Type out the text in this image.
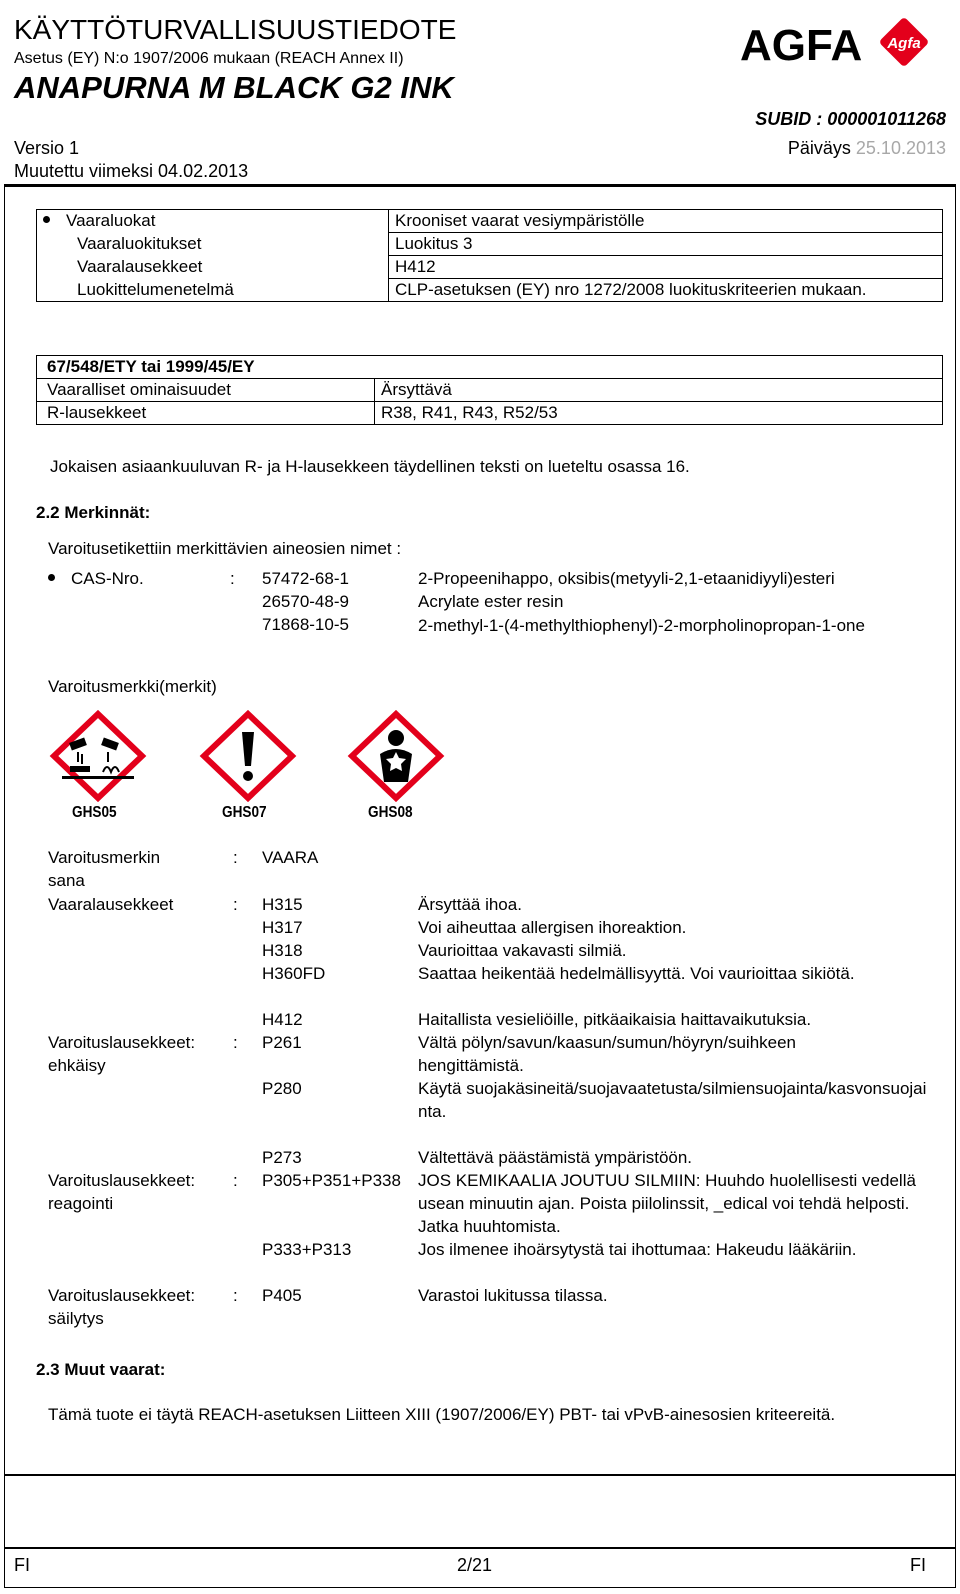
KÄYTTÖTURVALLISUUSTIEDOTE
Asetus (EY) N:o 1907/2006 mukaan (REACH Annex II)
ANAPURNA M BLACK G2 INK
AGFA Agfa
SUBID : 000001011268
Versio 1
Muutettu viimeksi 04.02.2013
Päiväys 25.10.2013
Vaaraluokat	Krooniset vaarat vesiympäristölle
Vaaraluokitukset	Luokitus 3
Vaaralausekkeet	H412
Luokittelumenetelmä	CLP-asetuksen (EY) nro 1272/2008 luokituskriteerien mukaan.
67/548/ETY tai 1999/45/EY	
Vaaralliset ominaisuudet	Ärsyttävä
R-lausekkeet	R38, R41, R43, R52/53
Jokaisen asiaankuuluvan R- ja H-lausekkeen täydellinen teksti on lueteltu osassa 16.
2.2 Merkinnät:
Varoitusetikettiin merkittävien aineosien nimet :
CAS-Nro.	: 57472-68-1	2-Propeenihappo, oksibis(metyyli-2,1-etaanidiyyli)esteri
26570-48-9	Acrylate ester resin
71868-10-5	2-methyl-1-(4-methylthiophenyl)-2-morpholinopropan-1-one
Varoitusmerkki(merkit)
GHS05	GHS07	GHS08
Varoitusmerkin sana
: VAARA
Vaaralausekkeet	: H315	Ärsyttää ihoa.
H317	Voi aiheuttaa allergisen ihoreaktion.
H318	Vaurioittaa vakavasti silmiä.
H360FD	Saattaa heikentää hedelmällisyyttä. Voi vaurioittaa sikiötä.
H412	Haitallista vesieliöille, pitkäaikaisia haittavaikutuksia.
Varoituslausekkeet: ehkäisy
: P261	Vältä pölyn/savun/kaasun/sumun/höyryn/suihkeen hengittämistä.
P280	Käytä suojakäsineitä/suojavaatetusta/silmiensuojainta/kasvonsuojainta.
P273	Vältettävä päästämistä ympäristöön.
Varoituslausekkeet: reagointi
: P305+P351+P338 JOS KEMIKAALIA JOUTUU SILMIIN: Huuhdo huolellisesti vedellä usean minuutin ajan. Poista piilolinssit, _edical voi tehdä helposti. Jatka huuhtomista.
P333+P313	Jos ilmenee ihoärsytystä tai ihottumaa: Hakeudu lääkäriin.
Varoituslausekkeet: säilytys
: P405	Varastoi lukitussa tilassa.
2.3 Muut vaarat:
Tämä tuote ei täytä REACH-asetuksen Liitteen XIII (1907/2006/EY) PBT- tai vPvB-ainesosien kriteereitä.
FI	2/21	FI
